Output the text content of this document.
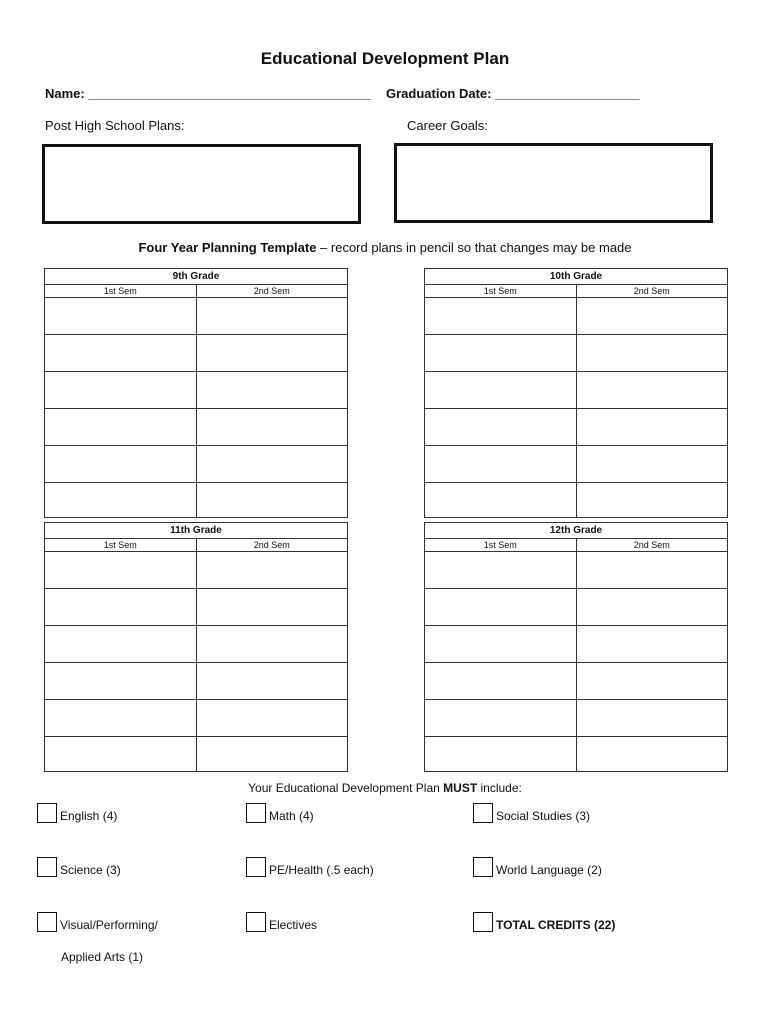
Educational Development Plan
Name: _______________________________________ Graduation Date: ____________________
Post High School Plans:	Career Goals:
Four Year Planning Template – record plans in pencil so that changes may be made
9th Grade
1st Sem	2nd Sem
10th Grade
1st Sem	2nd Sem
11th Grade
1st Sem	2nd Sem
12th Grade
1st Sem	2nd Sem
Your Educational Development Plan MUST include:
English (4)	Math (4)	Social Studies (3)
Science (3)	PE/Health (.5 each)	World Language (2)
Visual/Performing/	Electives	TOTAL CREDITS (22)
Applied Arts (1)
